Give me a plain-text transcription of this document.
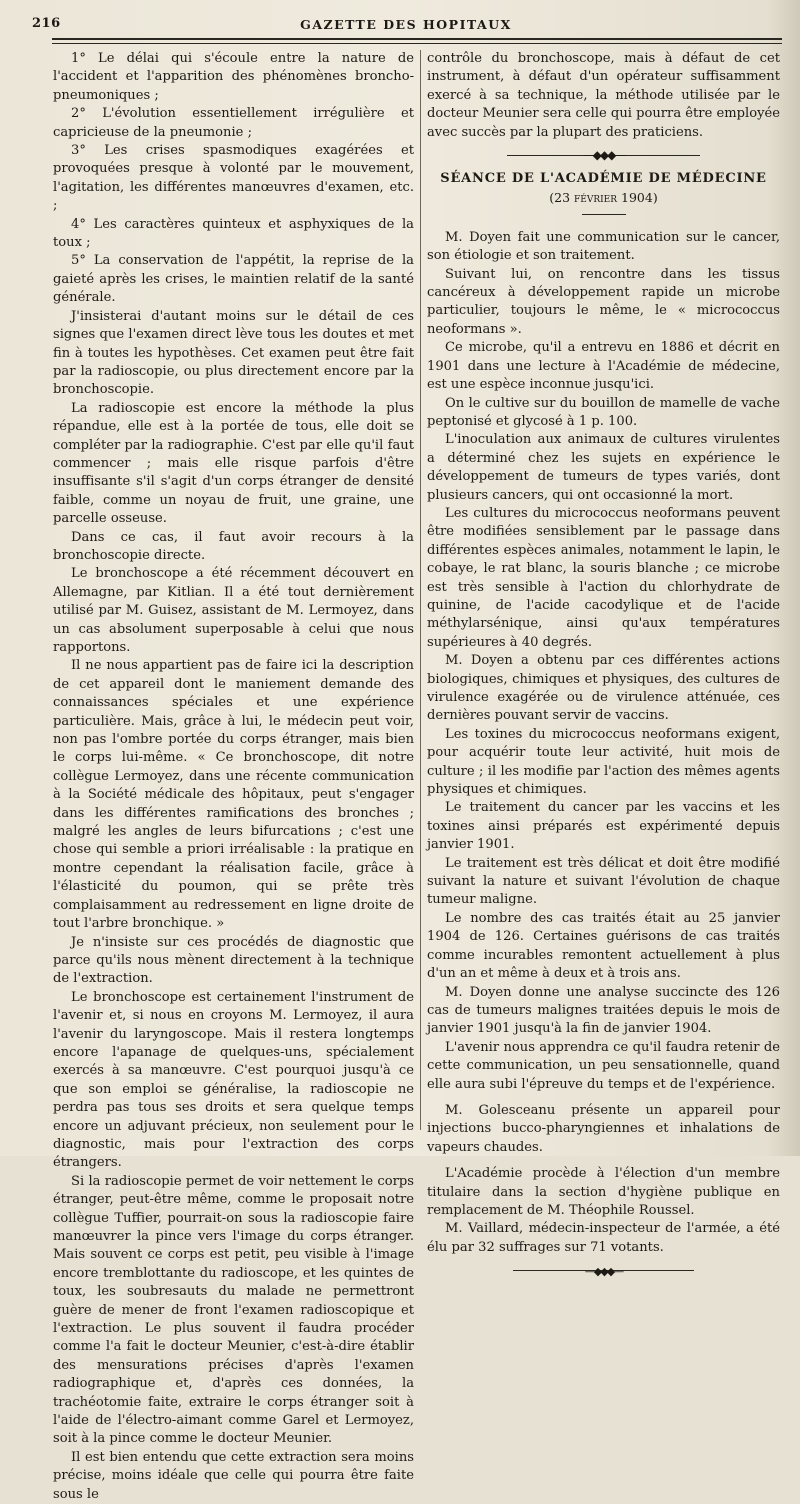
216	GAZETTE DES HOPITAUX

1° Le délai qui s'écoule entre la nature de l'accident et l'apparition des phénomènes broncho-pneumoniques ;

2° L'évolution essentiellement irrégulière et capricieuse de la pneumonie ;

3° Les crises spasmodiques exagérées et provoquées presque à volonté par le mouvement, l'agitation, les différentes manœuvres d'examen, etc. ;

4° Les caractères quinteux et asphyxiques de la toux ;

5° La conservation de l'appétit, la reprise de la gaieté après les crises, le maintien relatif de la santé générale.

J'insisterai d'autant moins sur le détail de ces signes que l'examen direct lève tous les doutes et met fin à toutes les hypothèses. Cet examen peut être fait par la radioscopie, ou plus directement encore par la bronchoscopie.

La radioscopie est encore la méthode la plus répandue, elle est à la portée de tous, elle doit se compléter par la radiographie. C'est par elle qu'il faut commencer ; mais elle risque parfois d'être insuffisante s'il s'agit d'un corps étranger de densité faible, comme un noyau de fruit, une graine, une parcelle osseuse.

Dans ce cas, il faut avoir recours à la bronchoscopie directe.

Le bronchoscope a été récemment découvert en Allemagne, par Kitlian. Il a été tout dernièrement utilisé par M. Guisez, assistant de M. Lermoyez, dans un cas absolument superposable à celui que nous rapportons.

Il ne nous appartient pas de faire ici la description de cet appareil dont le maniement demande des connaissances spéciales et une expérience particulière. Mais, grâce à lui, le médecin peut voir, non pas l'ombre portée du corps étranger, mais bien le corps lui-même. « Ce bronchoscope, dit notre collègue Lermoyez, dans une récente communication à la Société médicale des hôpitaux, peut s'engager dans les différentes ramifications des bronches ; malgré les angles de leurs bifurcations ; c'est une chose qui semble a priori irréalisable : la pratique en montre cependant la réalisation facile, grâce à l'élasticité du poumon, qui se prête très complaisamment au redressement en ligne droite de tout l'arbre bronchique. »

Je n'insiste sur ces procédés de diagnostic que parce qu'ils nous mènent directement à la technique de l'extraction.

Le bronchoscope est certainement l'instrument de l'avenir et, si nous en croyons M. Lermoyez, il aura l'avenir du laryngoscope. Mais il restera longtemps encore l'apanage de quelques-uns, spécialement exercés à sa manœuvre. C'est pourquoi jusqu'à ce que son emploi se généralise, la radioscopie ne perdra pas tous ses droits et sera quelque temps encore un adjuvant précieux, non seulement pour le diagnostic, mais pour l'extraction des corps étrangers.

Si la radioscopie permet de voir nettement le corps étranger, peut-être même, comme le proposait notre collègue Tuffier, pourrait-on sous la radioscopie faire manœuvrer la pince vers l'image du corps étranger. Mais souvent ce corps est petit, peu visible à l'image encore tremblottante du radioscope, et les quintes de toux, les soubresauts du malade ne permettront guère de mener de front l'examen radioscopique et l'extraction. Le plus souvent il faudra procéder comme l'a fait le docteur Meunier, c'est-à-dire établir des mensurations précises d'après l'examen radiographique et, d'après ces données, la trachéotomie faite, extraire le corps étranger soit à l'aide de l'électro-aimant comme Garel et Lermoyez, soit à la pince comme le docteur Meunier.

Il est bien entendu que cette extraction sera moins précise, moins idéale que celle qui pourra être faite sous le

contrôle du bronchoscope, mais à défaut de cet instrument, à défaut d'un opérateur suffisamment exercé à sa technique, la méthode utilisée par le docteur Meunier sera celle qui pourra être employée avec succès par la plupart des praticiens.

—◆◆◆—
SÉANCE DE L'ACADÉMIE DE MÉDECINE
(23 février 1904)

M. Doyen fait une communication sur le cancer, son étiologie et son traitement.

Suivant lui, on rencontre dans les tissus cancéreux à développement rapide un microbe particulier, toujours le même, le « micrococcus neoformans ».

Ce microbe, qu'il a entrevu en 1886 et décrit en 1901 dans une lecture à l'Académie de médecine, est une espèce inconnue jusqu'ici.

On le cultive sur du bouillon de mamelle de vache peptonisé et glycosé à 1 p. 100.

L'inoculation aux animaux de cultures virulentes a déterminé chez les sujets en expérience le développement de tumeurs de types variés, dont plusieurs cancers, qui ont occasionné la mort.

Les cultures du micrococcus neoformans peuvent être modifiées sensiblement par le passage dans différentes espèces animales, notamment le lapin, le cobaye, le rat blanc, la souris blanche ; ce microbe est très sensible à l'action du chlorhydrate de quinine, de l'acide cacodylique et de l'acide méthylarsénique, ainsi qu'aux températures supérieures à 40 degrés.

M. Doyen a obtenu par ces différentes actions biologiques, chimiques et physiques, des cultures de virulence exagérée ou de virulence atténuée, ces dernières pouvant servir de vaccins.

Les toxines du micrococcus neoformans exigent, pour acquérir toute leur activité, huit mois de culture ; il les modifie par l'action des mêmes agents physiques et chimiques.

Le traitement du cancer par les vaccins et les toxines ainsi préparés est expérimenté depuis janvier 1901.

Le traitement est très délicat et doit être modifié suivant la nature et suivant l'évolution de chaque tumeur maligne.

Le nombre des cas traités était au 25 janvier 1904 de 126. Certaines guérisons de cas traités comme incurables remontent actuellement à plus d'un an et même à deux et à trois ans.

M. Doyen donne une analyse succincte des 126 cas de tumeurs malignes traitées depuis le mois de janvier 1901 jusqu'à la fin de janvier 1904.

L'avenir nous apprendra ce qu'il faudra retenir de cette communication, un peu sensationnelle, quand elle aura subi l'épreuve du temps et de l'expérience.

M. Golesceanu présente un appareil pour injections bucco-pharyngiennes et inhalations de vapeurs chaudes.

L'Académie procède à l'élection d'un membre titulaire dans la section d'hygiène publique en remplacement de M. Théophile Roussel.

M. Vaillard, médecin-inspecteur de l'armée, a été élu par 32 suffrages sur 71 votants.

—◆◆◆—
